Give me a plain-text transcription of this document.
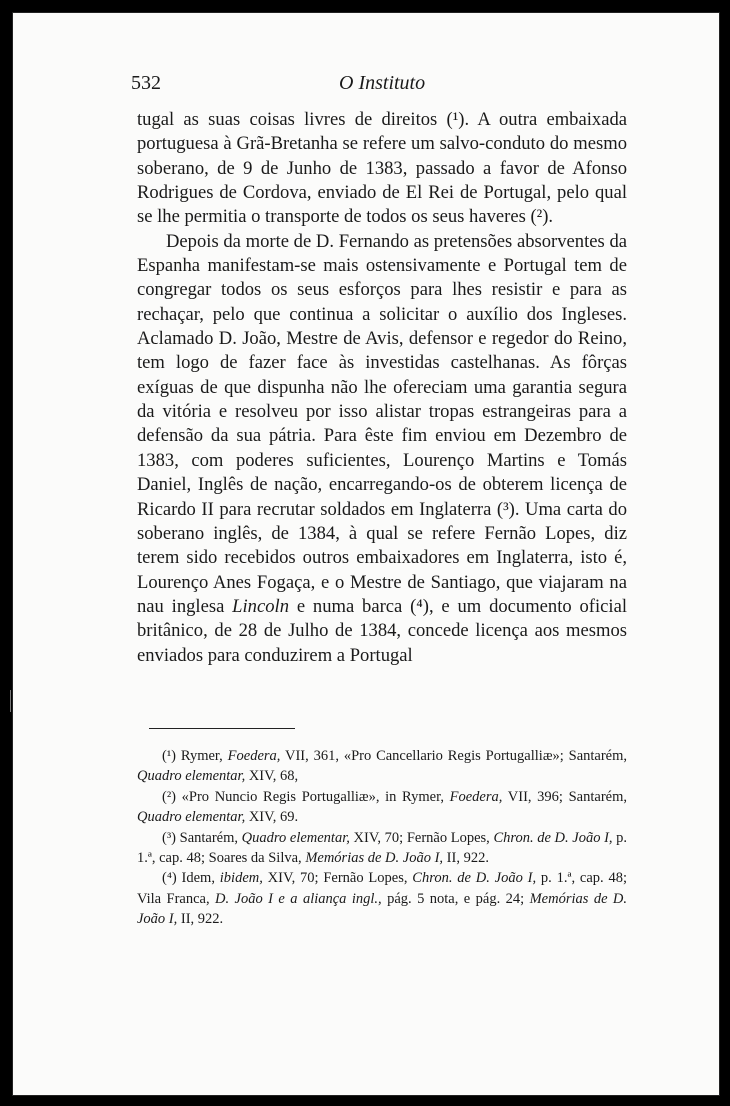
532	O Instituto

tugal as suas coisas livres de direitos (¹). A outra embaixada portuguesa à Grã-Bretanha se refere um salvo-conduto do mesmo soberano, de 9 de Junho de 1383, passado a favor de Afonso Rodrigues de Cordova, enviado de El Rei de Portugal, pelo qual se lhe permitia o transporte de todos os seus haveres (²).

Depois da morte de D. Fernando as pretensões absorventes da Espanha manifestam-se mais ostensivamente e Portugal tem de congregar todos os seus esforços para lhes resistir e para as rechaçar, pelo que continua a solicitar o auxílio dos Ingleses. Aclamado D. João, Mestre de Avis, defensor e regedor do Reino, tem logo de fazer face às investidas castelhanas. As fôrças exíguas de que dispunha não lhe ofereciam uma garantia segura da vitória e resolveu por isso alistar tropas estrangeiras para a defensão da sua pátria. Para êste fim enviou em Dezembro de 1383, com poderes suficientes, Lourenço Martins e Tomás Daniel, Inglês de nação, encarregando-os de obterem licença de Ricardo II para recrutar soldados em Inglaterra (³). Uma carta do soberano inglês, de 1384, à qual se refere Fernão Lopes, diz terem sido recebidos outros embaixadores em Inglaterra, isto é, Lourenço Anes Fogaça, e o Mestre de Santiago, que viajaram na nau inglesa Lincoln e numa barca (⁴), e um documento oficial britânico, de 28 de Julho de 1384, concede licença aos mesmos enviados para conduzirem a Portugal

(¹) Rymer, Foedera, VII, 361, «Pro Cancellario Regis Portugalliæ»; Santarém, Quadro elementar, XIV, 68,

(²) «Pro Nuncio Regis Portugalliæ», in Rymer, Foedera, VII, 396; Santarém, Quadro elementar, XIV, 69.

(³) Santarém, Quadro elementar, XIV, 70; Fernão Lopes, Chron. de D. João I, p. 1.ª, cap. 48; Soares da Silva, Memórias de D. João I, II, 922.

(⁴) Idem, ibidem, XIV, 70; Fernão Lopes, Chron. de D. João I, p. 1.ª, cap. 48; Vila Franca, D. João I e a aliança ingl., pág. 5 nota, e pág. 24; Memórias de D. João I, II, 922.
